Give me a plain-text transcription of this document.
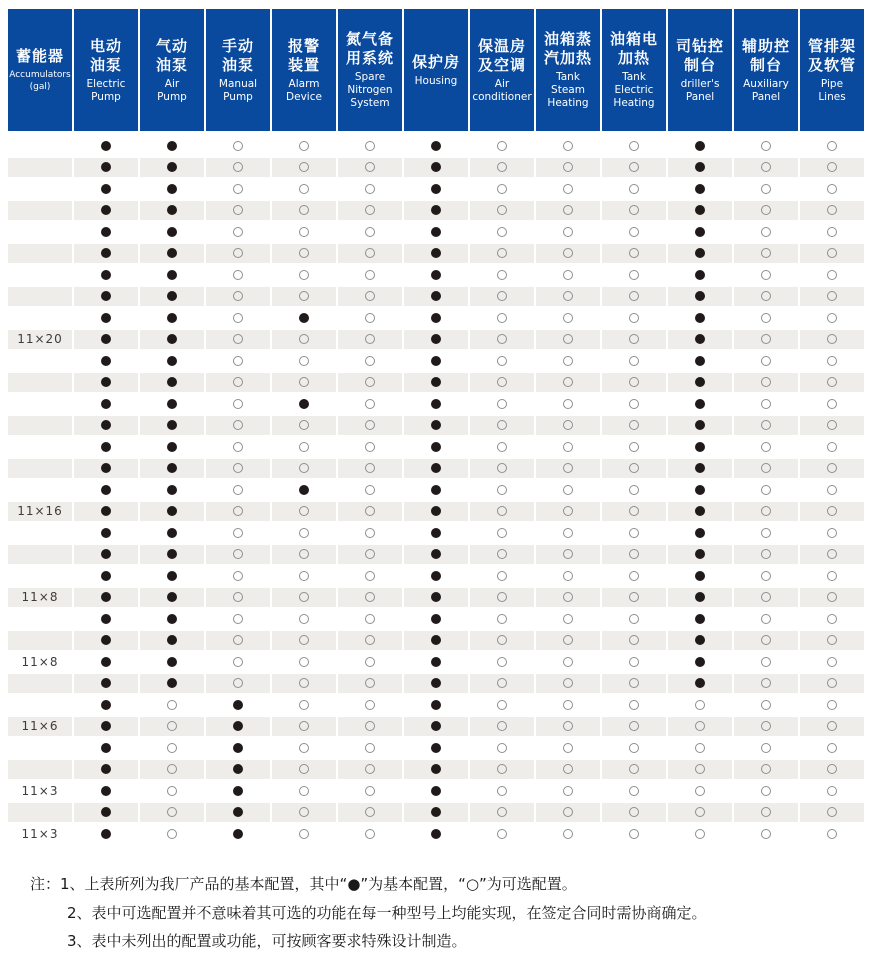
蓄能器
Accumulators
(gal)
电动
油泵
Electric
Pump
气动
油泵
Air
Pump
手动
油泵
Manual
Pump
报警
装置
Alarm
Device
氮气备
用系统
Spare
Nitrogen
System
保护房
Housing
保温房
及空调
Air
conditioner
油箱蒸
汽加热
Tank
Steam
Heating
油箱电
加热
Tank
Electric
Heating
司钻控
制台
driller's
Panel
辅助控
制台
Auxiliary
Panel
管排架
及软管
Pipe
Lines
11×20
11×16
11×8
11×8
11×6
11×3
11×3
注：1、上表所列为我厂产品的基本配置，其中“●”为基本配置，“○”为可选配置。
2、表中可选配置并不意味着其可选的功能在每一种型号上均能实现，在签定合同时需协商确定。
3、表中未列出的配置或功能，可按顾客要求特殊设计制造。
